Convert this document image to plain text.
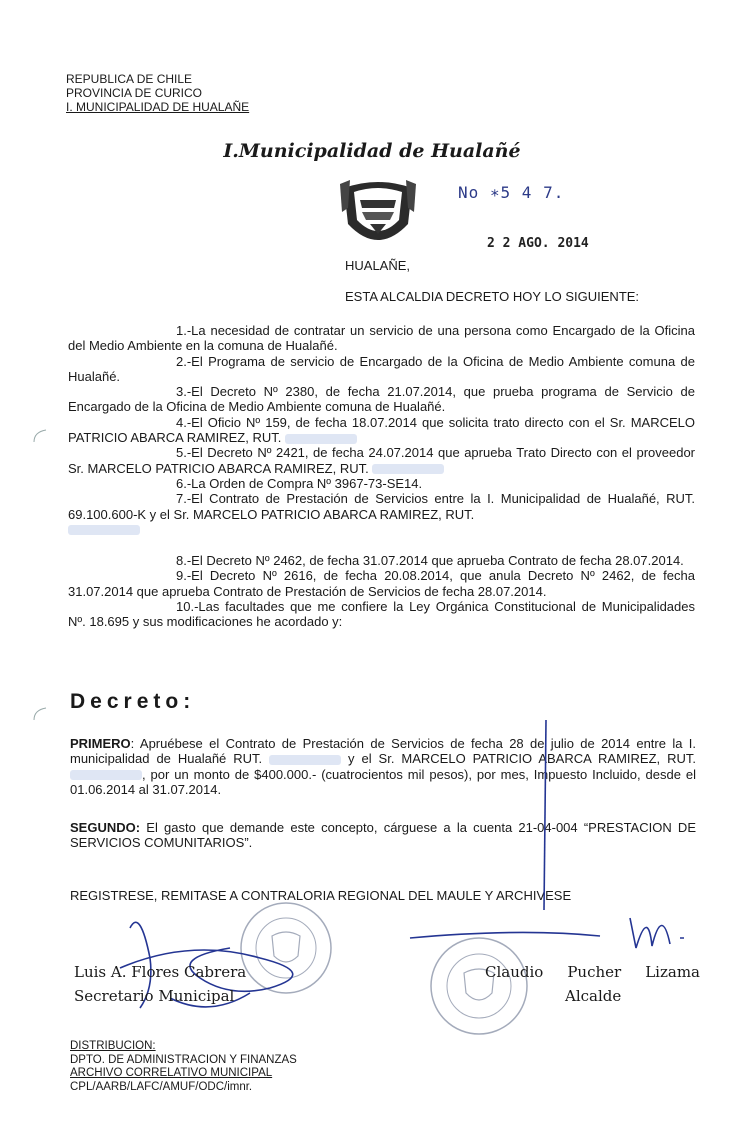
REPUBLICA DE CHILE
PROVINCIA DE CURICO
I. MUNICIPALIDAD DE HUALAÑE
I.Municipalidad de Hualañé
No ∗5 4 7.
2 2 AGO. 2014
HUALAÑE,
ESTA ALCALDIA DECRETO HOY LO SIGUIENTE:

1.-La necesidad de contratar un servicio de una persona como Encargado de la Oficina del Medio Ambiente en la comuna de Hualañé.

2.-El Programa de servicio de Encargado de la Oficina de Medio Ambiente comuna de Hualañé.

3.-El Decreto Nº 2380, de fecha 21.07.2014, que prueba programa de Servicio de Encargado de la Oficina de Medio Ambiente comuna de Hualañé.

4.-El Oficio Nº 159, de fecha 18.07.2014 que solicita trato directo con el Sr. MARCELO PATRICIO ABARCA RAMIREZ, RUT.

5.-El Decreto Nº 2421, de fecha 24.07.2014 que aprueba Trato Directo con el proveedor Sr. MARCELO PATRICIO ABARCA RAMIREZ, RUT.

6.-La Orden de Compra Nº 3967-73-SE14.

7.-El Contrato de Prestación de Servicios entre la I. Municipalidad de Hualañé, RUT. 69.100.600-K y el Sr. MARCELO PATRICIO ABARCA RAMIREZ, RUT.

8.-El Decreto Nº 2462, de fecha 31.07.2014 que aprueba Contrato de fecha 28.07.2014.

9.-El Decreto Nº 2616, de fecha 20.08.2014, que anula Decreto Nº 2462, de fecha 31.07.2014 que aprueba Contrato de Prestación de Servicios de fecha 28.07.2014.

10.-Las facultades que me confiere la Ley Orgánica Constitucional de Municipalidades Nº. 18.695 y sus modificaciones he acordado y:

Decreto:
PRIMERO: Apruébese el Contrato de Prestación de Servicios de fecha 28 de julio de 2014 entre la I. municipalidad de Hualañé RUT.	y el Sr. MARCELO PATRICIO ABARCA RAMIREZ, RUT. , por un monto de $400.000.- (cuatrocientos mil pesos), por mes, Impuesto Incluido, desde el 01.06.2014 al 31.07.2014.
SEGUNDO: El gasto que demande este concepto, cárguese a la cuenta 21-04-004 “PRESTACION DE SERVICIOS COMUNITARIOS”.
REGISTRESE, REMITASE A CONTRALORIA REGIONAL DEL MAULE Y ARCHIVESE
Luis A. Flores Cabrera
Secretario Municipal
Claudio Pucher Lizama
Alcalde
DISTRIBUCION:
DPTO. DE ADMINISTRACION Y FINANZAS
ARCHIVO CORRELATIVO MUNICIPAL
CPL/AARB/LAFC/AMUF/ODC/imnr.
